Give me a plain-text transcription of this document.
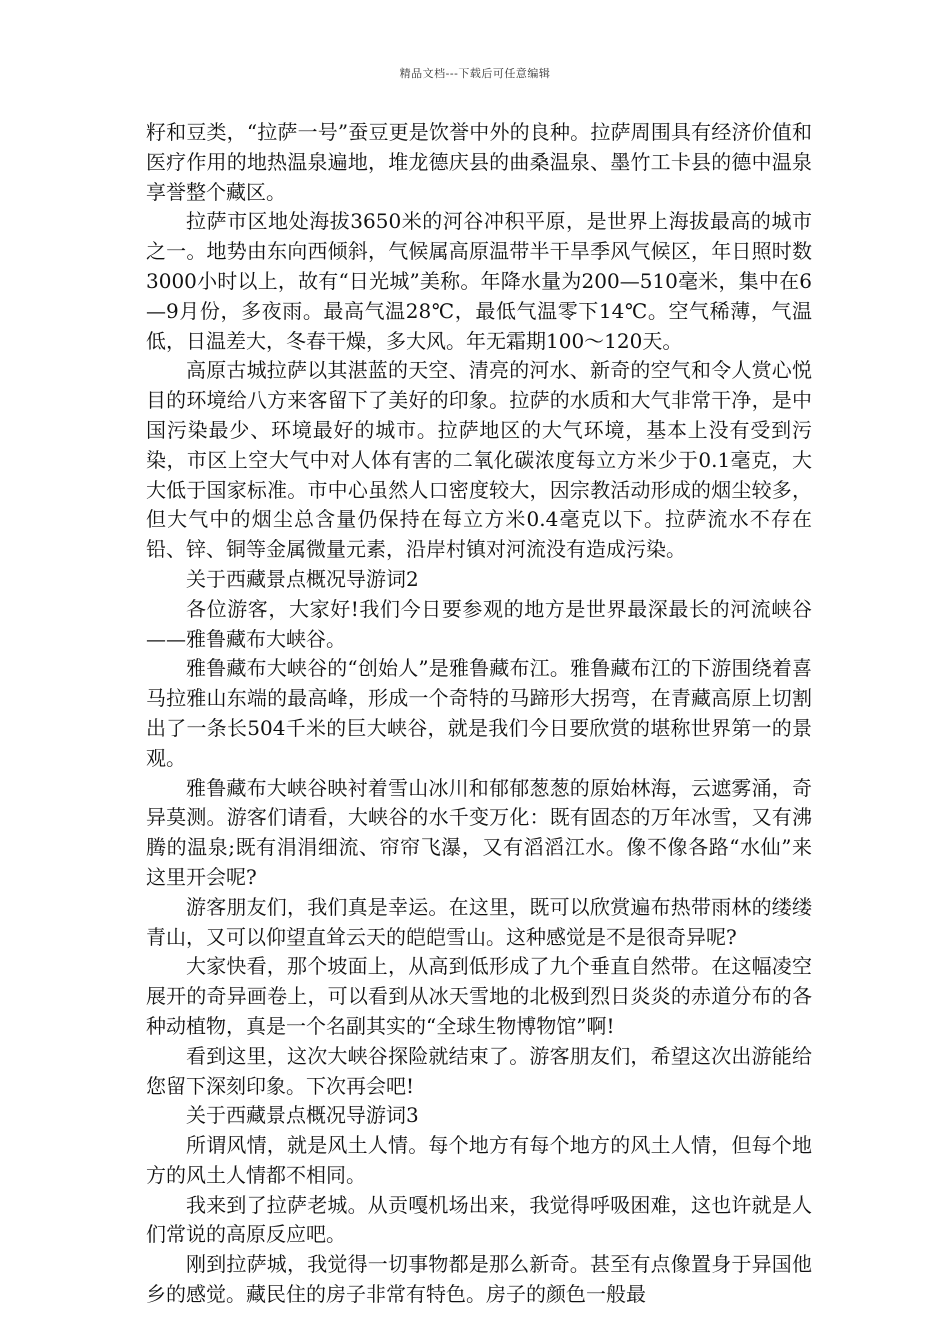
精品文档---下载后可任意编辑

籽和豆类，“拉萨一号”蚕豆更是饮誉中外的良种。拉萨周围具有经济价值和医疗作用的地热温泉遍地，堆龙德庆县的曲桑温泉、墨竹工卡县的德中温泉享誉整个藏区。

拉萨市区地处海拔3650米的河谷冲积平原，是世界上海拔最高的城市之一。地势由东向西倾斜，气候属高原温带半干旱季风气候区，年日照时数3000小时以上，故有“日光城”美称。年降水量为200—510毫米，集中在6—9月份，多夜雨。最高气温28℃，最低气温零下14℃。空气稀薄，气温低，日温差大，冬春干燥，多大风。年无霜期100～120天。

高原古城拉萨以其湛蓝的天空、清亮的河水、新奇的空气和令人赏心悦目的环境给八方来客留下了美好的印象。拉萨的水质和大气非常干净，是中国污染最少、环境最好的城市。拉萨地区的大气环境，基本上没有受到污染，市区上空大气中对人体有害的二氧化碳浓度每立方米少于0.1毫克，大大低于国家标准。市中心虽然人口密度较大，因宗教活动形成的烟尘较多，但大气中的烟尘总含量仍保持在每立方米0.4毫克以下。拉萨流水不存在铅、锌、铜等金属微量元素，沿岸村镇对河流没有造成污染。

关于西藏景点概况导游词2

各位游客，大家好!我们今日要参观的地方是世界最深最长的河流峡谷——雅鲁藏布大峡谷。

雅鲁藏布大峡谷的“创始人”是雅鲁藏布江。雅鲁藏布江的下游围绕着喜马拉雅山东端的最高峰，形成一个奇特的马蹄形大拐弯，在青藏高原上切割出了一条长504千米的巨大峡谷，就是我们今日要欣赏的堪称世界第一的景观。

雅鲁藏布大峡谷映衬着雪山冰川和郁郁葱葱的原始林海，云遮雾涌，奇异莫测。游客们请看，大峡谷的水千变万化：既有固态的万年冰雪，又有沸腾的温泉;既有涓涓细流、帘帘飞瀑，又有滔滔江水。像不像各路“水仙”来这里开会呢?

游客朋友们，我们真是幸运。在这里，既可以欣赏遍布热带雨林的缕缕青山，又可以仰望直耸云天的皑皑雪山。这种感觉是不是很奇异呢?

大家快看，那个坡面上，从高到低形成了九个垂直自然带。在这幅凌空展开的奇异画卷上，可以看到从冰天雪地的北极到烈日炎炎的赤道分布的各种动植物，真是一个名副其实的“全球生物博物馆”啊!

看到这里，这次大峡谷探险就结束了。游客朋友们，希望这次出游能给您留下深刻印象。下次再会吧!

关于西藏景点概况导游词3

所谓风情，就是风土人情。每个地方有每个地方的风土人情，但每个地方的风土人情都不相同。

我来到了拉萨老城。从贡嘎机场出来，我觉得呼吸困难，这也许就是人们常说的高原反应吧。

刚到拉萨城，我觉得一切事物都是那么新奇。甚至有点像置身于异国他乡的感觉。藏民住的房子非常有特色。房子的颜色一般最
